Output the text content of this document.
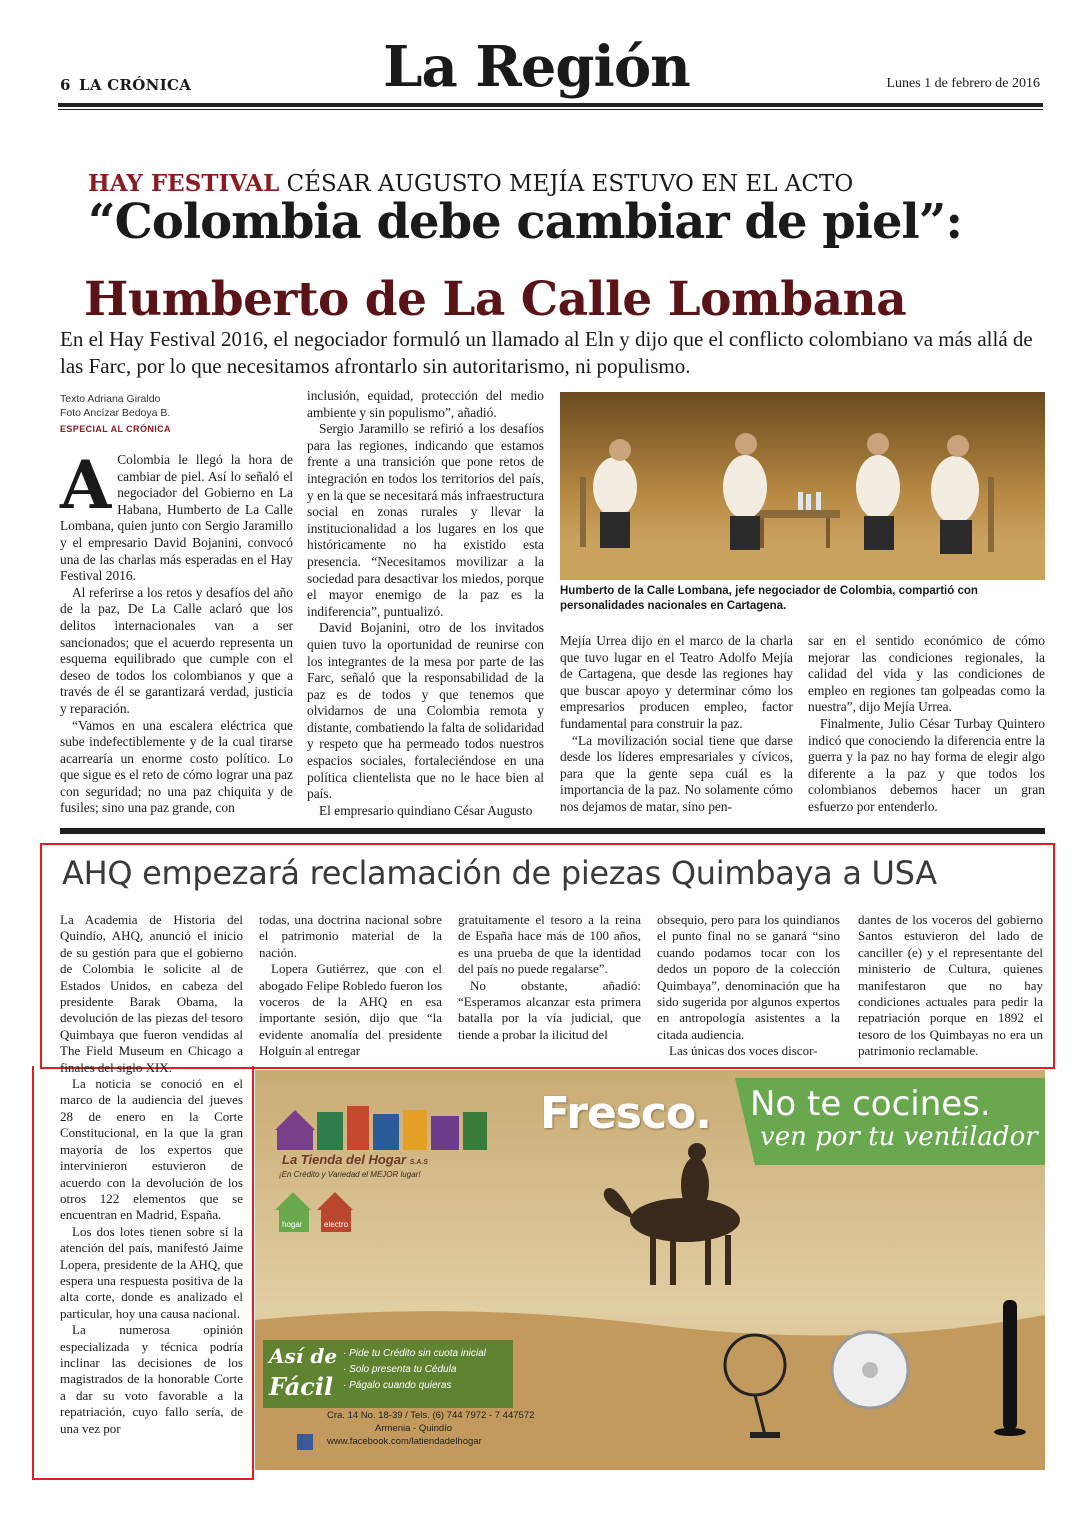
6 LA CRÓNICA	La Región	Lunes 1 de febrero de 2016
HAY FESTIVAL CÉSAR AUGUSTO MEJÍA ESTUVO EN EL ACTO
“Colombia debe cambiar de piel”:
Humberto de La Calle Lombana
En el Hay Festival 2016, el negociador formuló un llamado al Eln y dijo que el conflicto colombiano va más allá de las Farc, por lo que necesitamos afrontarlo sin autoritarismo, ni populismo.
Texto Adriana Giraldo
Foto Ancízar Bedoya B.
ESPECIAL AL CRÓNICA

A Colombia le llegó la hora de cambiar de piel. Así lo señaló el negociador del Gobierno en La Habana, Humberto de La Calle Lombana, quien junto con Sergio Jaramillo y el empresario David Bojanini, convocó una de las charlas más esperadas en el Hay Festival 2016.

Al referirse a los retos y desafíos del año de la paz, De La Calle aclaró que los delitos internacionales van a ser sancionados; que el acuerdo representa un esquema equilibrado que cumple con el deseo de todos los colombianos y que a través de él se garantizará verdad, justicia y reparación.

“Vamos en una escalera eléctrica que sube indefectiblemente y de la cual tirarse acarrearía un enorme costo político. Lo que sigue es el reto de cómo lograr una paz con seguridad; no una paz chiquita y de fusiles; sino una paz grande, con

inclusión, equidad, protección del medio ambiente y sin populismo”, añadió.

Sergio Jaramillo se refirió a los desafíos para las regiones, indicando que estamos frente a una transición que pone retos de integración en todos los territorios del país, y en la que se necesitará más infraestructura social en zonas rurales y llevar la institucionalidad a los lugares en los que históricamente no ha existido esta presencia. “Necesitamos movilizar a la sociedad para desactivar los miedos, porque el mayor enemigo de la paz es la indiferencia”, puntualizó.

David Bojanini, otro de los invitados quien tuvo la oportunidad de reunirse con los integrantes de la mesa por parte de las Farc, señaló que la responsabilidad de la paz es de todos y que tenemos que olvidarnos de una Colombia remota y distante, combatiendo la falta de solidaridad y respeto que ha permeado todos nuestros espacios sociales, fortaleciéndose en una política clientelista que no le hace bien al país.

El empresario quindiano César Augusto

Humberto de la Calle Lombana, jefe negociador de Colombia, compartió con personalidades nacionales en Cartagena.

Mejía Urrea dijo en el marco de la charla que tuvo lugar en el Teatro Adolfo Mejía de Cartagena, que desde las regiones hay que buscar apoyo y determinar cómo los empresarios producen empleo, factor fundamental para construir la paz.

“La movilización social tiene que darse desde los líderes empresariales y cívicos, para que la gente sepa cuál es la importancia de la paz. No solamente cómo nos dejamos de matar, sino pen-

sar en el sentido económico de cómo mejorar las condiciones regionales, la calidad del vida y las condiciones de empleo en regiones tan golpeadas como la nuestra”, dijo Mejía Urrea.

Finalmente, Julio César Turbay Quintero indicó que conociendo la diferencia entre la guerra y la paz no hay forma de elegir algo diferente a la paz y que todos los colombianos debemos hacer un gran esfuerzo por entenderlo.

AHQ empezará reclamación de piezas Quimbaya a USA

La Academia de Historia del Quindío, AHQ, anunció el inicio de su gestión para que el gobierno de Colombia le solicite al de Estados Unidos, en cabeza del presidente Barak Obama, la devolución de las piezas del tesoro Quimbaya que fueron vendidas al The Field Museum en Chicago a finales del siglo XIX.

La noticia se conoció en el marco de la audiencia del jueves 28 de enero en la Corte Constitucional, en la que la gran mayoría de los expertos que intervinieron estuvieron de acuerdo con la devolución de los otros 122 elementos que se encuentran en Madrid, España.

Los dos lotes tienen sobre sí la atención del país, manifestó Jaime Lopera, presidente de la AHQ, que espera una respuesta positiva de la alta corte, donde es analizado el particular, hoy una causa nacional.

La numerosa opinión especializada y técnica podría inclinar las decisiones de los magistrados de la honorable Corte a dar su voto favorable a la repatriación, cuyo fallo sería, de una vez por

todas, una doctrina nacional sobre el patrimonio material de la nación.

Lopera Gutiérrez, que con el abogado Felipe Robledo fueron los voceros de la AHQ en esa importante sesión, dijo que “la evidente anomalía del presidente Holguín al entregar

gratuitamente el tesoro a la reina de España hace más de 100 años, es una prueba de que la identidad del país no puede regalarse”.

No obstante, añadió: “Esperamos alcanzar esta primera batalla por la vía judicial, que tiende a probar la ilicitud del

obsequio, pero para los quindianos el punto final no se ganará “sino cuando podamos tocar con los dedos un poporo de la colección Quimbaya”, denominación que ha sido sugerida por algunos expertos en antropología asistentes a la citada audiencia.

Las únicas dos voces discor-

dantes de los voceros del gobierno Santos estuvieron del lado de canciller (e) y el representante del ministerio de Cultura, quienes manifestaron que no hay condiciones actuales para pedir la repatriación porque en 1892 el tesoro de los Quimbayas no era un patrimonio reclamable.

La Tienda del Hogar S.A.S
¡En Crédito y Variedad el MEJOR lugar!
hogar	electro
Fresco. No te cocines.
ven por tu ventilador
Así de
Fácil
· Pide tu Crédito sin cuota inicial
· Solo presenta tu Cédula
· Págalo cuando quieras
Cra. 14 No. 18-39 / Tels. (6) 744 7972 - 7 447572
Armenia - Quindío
www.facebook.com/latiendadelhogar
